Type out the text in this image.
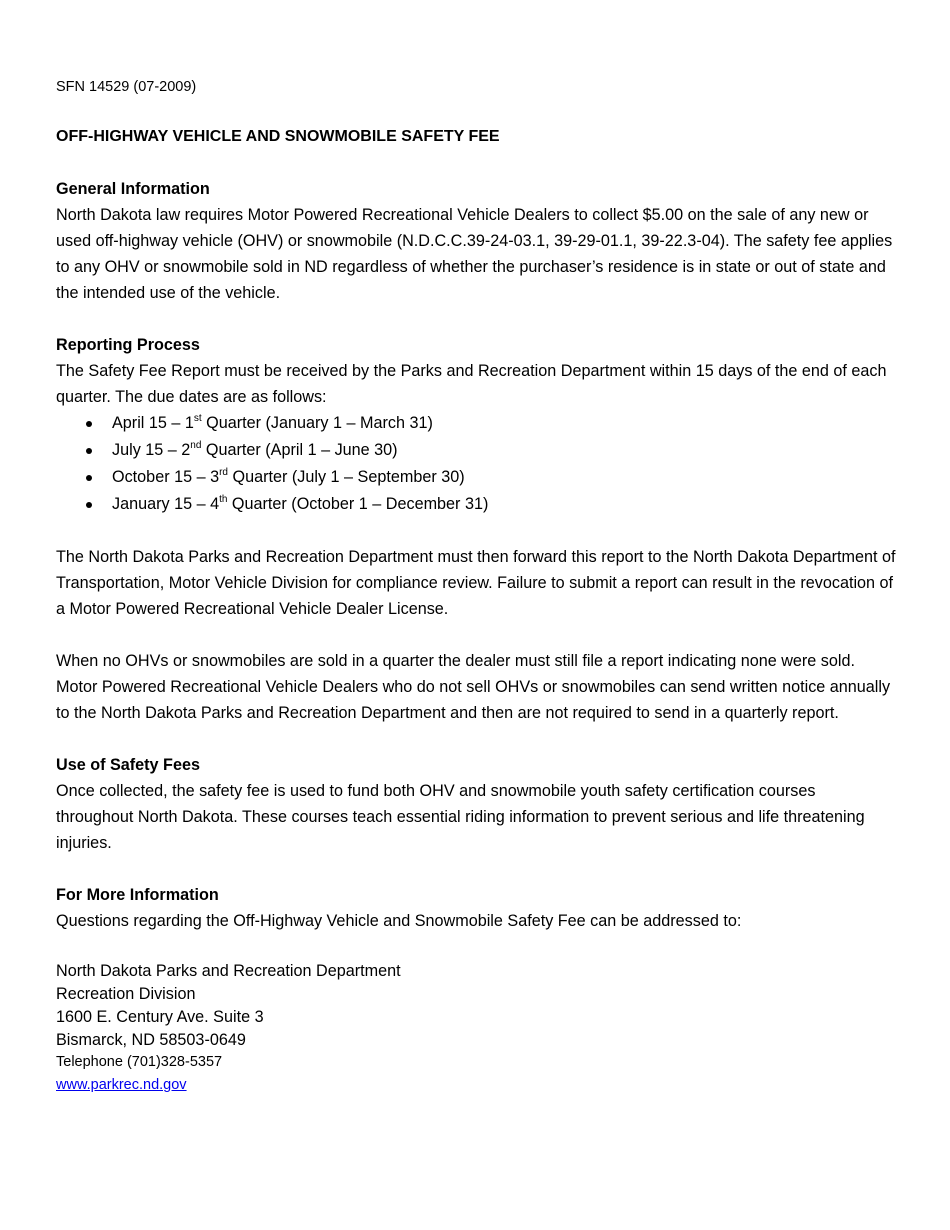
SFN 14529 (07-2009)
OFF-HIGHWAY VEHICLE AND SNOWMOBILE SAFETY FEE
General Information

North Dakota law requires Motor Powered Recreational Vehicle Dealers to collect $5.00 on the sale of any new or used off-highway vehicle (OHV) or snowmobile (N.D.C.C.39-24-03.1, 39-29-01.1, 39-22.3-04). The safety fee applies to any OHV or snowmobile sold in ND regardless of whether the purchaser’s residence is in state or out of state and the intended use of the vehicle.

Reporting Process

The Safety Fee Report must be received by the Parks and Recreation Department within 15 days of the end of each quarter. The due dates are as follows:

April 15 – 1st Quarter (January 1 – March 31)
July 15 – 2nd Quarter (April 1 – June 30)
October 15 – 3rd Quarter (July 1 – September 30)
January 15 – 4th Quarter (October 1 – December 31)

The North Dakota Parks and Recreation Department must then forward this report to the North Dakota Department of Transportation, Motor Vehicle Division for compliance review. Failure to submit a report can result in the revocation of a Motor Powered Recreational Vehicle Dealer License.

When no OHVs or snowmobiles are sold in a quarter the dealer must still file a report indicating none were sold.Motor Powered Recreational Vehicle Dealers who do not sell OHVs or snowmobiles can send written notice annually to the North Dakota Parks and Recreation Department and then are not required to send in a quarterly report.

Use of Safety Fees

Once collected, the safety fee is used to fund both OHV and snowmobile youth safety certification courses throughout North Dakota. These courses teach essential riding information to prevent serious and life threatening injuries.

For More Information

Questions regarding the Off-Highway Vehicle and Snowmobile Safety Fee can be addressed to:

North Dakota Parks and Recreation Department
Recreation Division
1600 E. Century Ave. Suite 3
Bismarck, ND 58503-0649
Telephone (701)328-5357
www.parkrec.nd.gov
